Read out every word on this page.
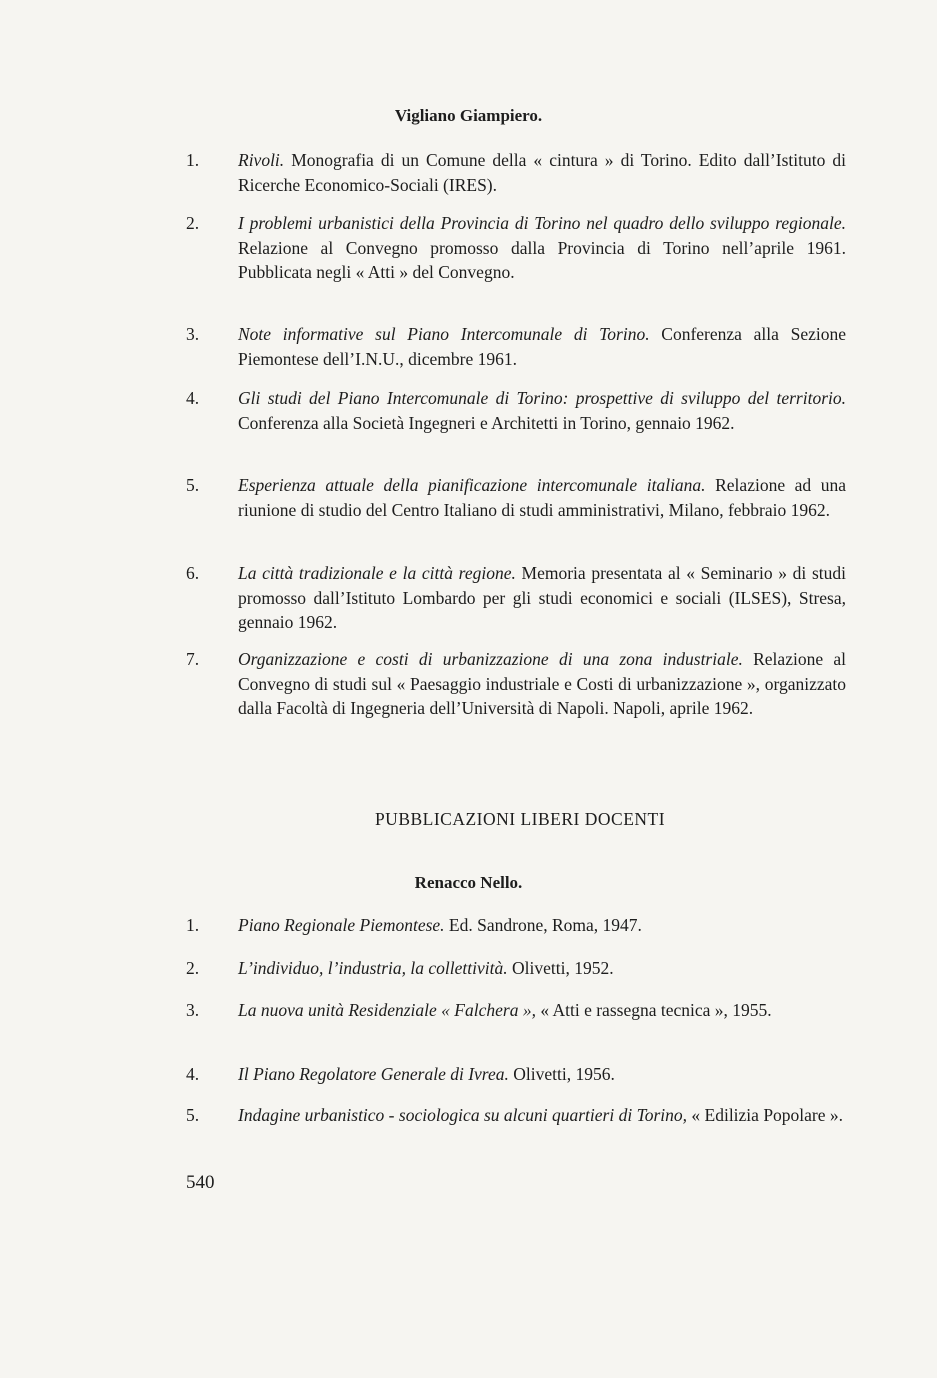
Vigliano Giampiero.
1.	Rivoli. Monografia di un Comune della « cintura » di Torino. Edito dall’Istituto di Ricerche Economico-Sociali (IRES).
2.	I problemi urbanistici della Provincia di Torino nel quadro dello sviluppo regionale. Relazione al Convegno promosso dalla Provincia di Torino nell’aprile 1961. Pubblicata negli « Atti » del Convegno.
3.	Note informative sul Piano Intercomunale di Torino. Conferenza alla Sezione Piemontese dell’I.N.U., dicembre 1961.
4.	Gli studi del Piano Intercomunale di Torino: prospettive di sviluppo del territorio. Conferenza alla Società Ingegneri e Architetti in Torino, gennaio 1962.
5.	Esperienza attuale della pianificazione intercomunale italiana. Relazione ad una riunione di studio del Centro Italiano di studi amministrativi, Milano, febbraio 1962.
6.	La città tradizionale e la città regione. Memoria presentata al « Seminario » di studi promosso dall’Istituto Lombardo per gli studi economici e sociali (ILSES), Stresa, gennaio 1962.
7.	Organizzazione e costi di urbanizzazione di una zona industriale. Relazione al Convegno di studi sul « Paesaggio industriale e Costi di urbanizzazione », organizzato dalla Facoltà di Ingegneria dell’Università di Napoli. Napoli, aprile 1962.
PUBBLICAZIONI LIBERI DOCENTI
Renacco Nello.
1.	Piano Regionale Piemontese. Ed. Sandrone, Roma, 1947.
2.	L’individuo, l’industria, la collettività. Olivetti, 1952.
3.	La nuova unità Residenziale « Falchera », « Atti e rassegna tecnica », 1955.
4.	Il Piano Regolatore Generale di Ivrea. Olivetti, 1956.
5.	Indagine urbanistico - sociologica su alcuni quartieri di Torino, « Edilizia Popolare ».
540
